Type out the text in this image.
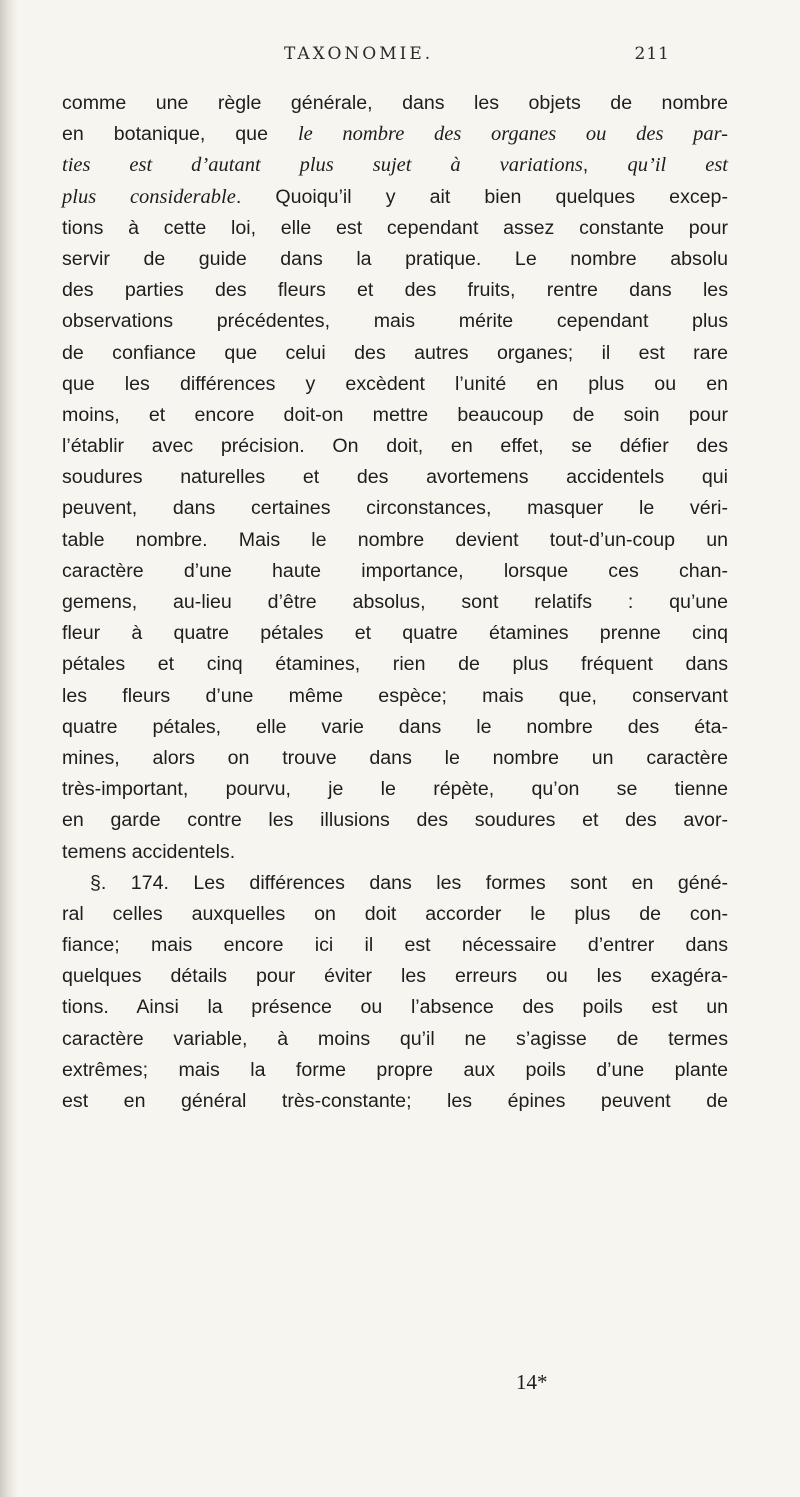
TAXONOMIE.	211
comme une règle générale, dans les objets de nombre
en botanique, que le nombre des organes ou des par-
ties est d’autant plus sujet à variations, qu’il est
plus considerable. Quoiqu’il y ait bien quelques excep-
tions à cette loi, elle est cependant assez constante pour
servir de guide dans la pratique. Le nombre absolu
des parties des fleurs et des fruits, rentre dans les
observations précédentes, mais mérite cependant plus
de confiance que celui des autres organes; il est rare
que les différences y excèdent l’unité en plus ou en
moins, et encore doit-on mettre beaucoup de soin pour
l’établir avec précision. On doit, en effet, se défier des
soudures naturelles et des avortemens accidentels qui
peuvent, dans certaines circonstances, masquer le véri-
table nombre. Mais le nombre devient tout-d’un-coup un
caractère d’une haute importance, lorsque ces chan-
gemens, au-lieu d’être absolus, sont relatifs : qu’une
fleur à quatre pétales et quatre étamines prenne cinq
pétales et cinq étamines, rien de plus fréquent dans
les fleurs d’une même espèce; mais que, conservant
quatre pétales, elle varie dans le nombre des éta-
mines, alors on trouve dans le nombre un caractère
très-important, pourvu, je le répète, qu’on se tienne
en garde contre les illusions des soudures et des avor-
temens accidentels.
§. 174. Les différences dans les formes sont en géné-
ral celles auxquelles on doit accorder le plus de con-
fiance; mais encore ici il est nécessaire d’entrer dans
quelques détails pour éviter les erreurs ou les exagéra-
tions. Ainsi la présence ou l’absence des poils est un
caractère variable, à moins qu’il ne s’agisse de termes
extrêmes; mais la forme propre aux poils d’une plante
est en général très-constante; les épines peuvent de
14*
